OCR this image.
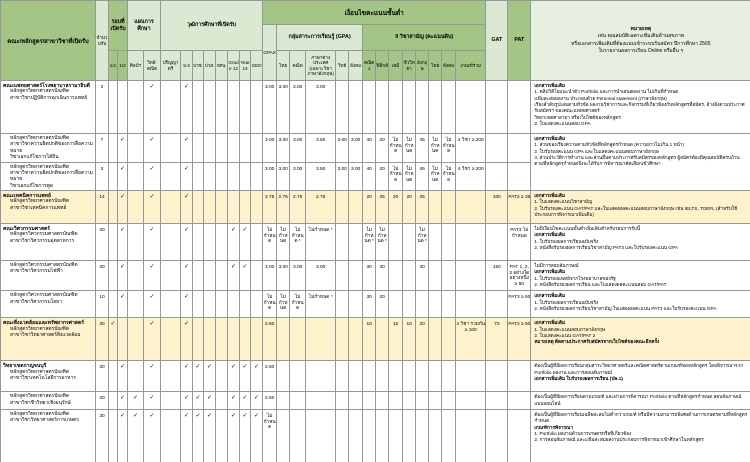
คณะ/หลักสูตร/สาขาวิชาที่เปิดรับ	จำนวนรับ	รอบที่เปิดรับ		แผนการศึกษา		วุฒิการศึกษาที่เปิดรับ								เงื่อนไขคะแนนขั้นต่ำ														GAT	PAT	หมายเหตุ
เช่น คุณสมบัติเฉพาะเพิ่มเติมด้านสุขภาพ
หรือเอกสารเพิ่มเติมที่ต้องแนบเข้าระบบรับสมัคร ปีการศึกษา 2565
ใบรายงานผลการเรียน Online หรืออื่น ๆ

														GPAX	กลุ่มสาระการเรียนรู้ (GPA)					9 วิชาสามัญ (คะแนนดิบ)										
		1/1	1/2	ศิลป์ฯ	วิทย์-คณิต	ปริญญาตรี	ม.6	ปวช.	ปวส.	กศน.	Grade 12	Year 13	GED		ไทย	คณิต	ภาษาต่างประเทศ (เฉพาะวิชาภาษาอังกฤษ)	วิทย์	สังคม	คณิต 1	ฟิสิกส์	เคมี	ชีววิทยา	อังกฤษ	ไทย	สังคม	เกณฑ์รวม			

คณะแพทยศาสตร์โรงพยาบาลรามาธิบดี
หลักสูตรวิทยาศาสตรบัณฑิต
สาขาวิชาปฏิบัติการฉุกเฉินการแพทย์
	2				✓		✓							3.00	3.00	3.00	3.00													เอกสารเพิ่มเติม
1. คลิปวิดีโอแนะนำตัว Portfolio และการนำเสนอผลงาน ไม่เกินที่กำหนด
แฟ้มสะสมผลงาน ประกอบด้วย Personal statement (ภาษาอังกฤษ)
เรียงลำดับรูปเล่มตามหัวข้อ ผลงานวิชาการและกิจกรรมที่เกี่ยวข้องกับหลักสูตรที่สมัคร, อ้างอิงตามประกาศรับสมัครฯ ของคณะแพทยศาสตร์
วิทยาเขตศาลายา หรือเว็บไซต์ของหลักสูตร
2. ใบแสดงคะแนนสอบ GPA

หลักสูตรวิทยาศาสตรบัณฑิต
สาขาวิชาความผิดปกติของการสื่อความหมาย
วิชาเอกแก้ไขการได้ยิน
	7		✓		✓		✓							3.00	3.00	3.00	3.50	3.00	3.00	40	20	ไม่กำหนด	ไม่กำหนด	45	ไม่กำหนด	ไม่กำหนด	4 วิชา ≥ 200			เอกสารเพิ่มเติม
1. ส่วนของเรียงความตามหัวข้อที่หลักสูตรกำหนด (ความยาวไม่เกิน 1 หน้า)
2. ใบรับรองคะแนน GPA และใบแสดงคะแนนสอบภาษาอังกฤษ
3. ส่วนประวัติการทำงาน และส่วนอื่นตามประกาศรับสมัครของหลักสูตร ผู้สมัครต้องมีคุณสมบัติครบถ้วนตามที่หลักสูตรกำหนดจึงจะได้รับการพิจารณาคัดเลือกเข้าศึกษา

หลักสูตรวิทยาศาสตรบัณฑิต
สาขาวิชาความผิดปกติของการสื่อความหมาย
วิชาเอกแก้ไขการพูด	3		✓		✓		✓							3.00	3.00	3.00	3.50	3.00	3.00	40	20	ไม่กำหนด	ไม่กำหนด	45	ไม่กำหนด	ไม่กำหนด	4 วิชา ≥ 200			

คณะเทคนิคการแพทย์
หลักสูตรวิทยาศาสตรบัณฑิต
สาขาวิชาเทคนิคการแพทย์
	14		✓		✓		✓							2.75	2.75	2.75	2.75			20	25	20	20	25				100	PAT2 ≥ 35	เอกสารเพิ่มเติม
1. ใบแสดงคะแนนวิชาสามัญ
2. ใบรับรองคะแนน GAT/PAT และใบแสดงผลคะแนนสอบภาษาอังกฤษ เช่น IELTS, TOEFL (สำหรับใช้ประกอบการพิจารณาเพิ่มเติม)

คณะวิศวกรรมศาสตร์
หลักสูตรวิศวกรรมศาสตรบัณฑิต
สาขาวิชาวิศวกรรมอุตสาหการ
	30		✓		✓		✓				✓	✓		ไม่กำหนด	ไม่กำหนด	ไม่กำหนด *	ไม่กำหนด *			ไม่กำหนด *	ไม่กำหนด *			ไม่กำหนด *					PAT3 ไม่กำหนด	
ไม่มีเงื่อนไขคะแนนขั้นต่ำเพิ่มเติมสำหรับรอบการรับนี้
เอกสารเพิ่มเติม
1. ใบรับรองผลการเรียนฉบับจริง
2. หนังสือรับรองผลการเรียนวิชาสามัญ PAT3 และใบรับรองคะแนน GPA

หลักสูตรวิศวกรรมศาสตรบัณฑิต
สาขาวิชาวิศวกรรมไฟฟ้า
	30		✓		✓		✓				✓	✓		3.00	3.00	3.00	3.00			30	30			30				150	PAT 1, 2, 3 อย่างใดอย่างหนึ่ง ≥ 90	
ไม่มีการสอบสัมภาษณ์
เอกสารเพิ่มเติม
1. ใบรับรองแพทย์จากโรงพยาบาลของรัฐ
2. หนังสือรับรองผลการเรียน และใบแสดงผลคะแนนสอบ GAT/PAT

หลักสูตรวิศวกรรมศาสตรบัณฑิต
สาขาวิชาวิศวกรรมโยธา
	10		✓		✓		✓							ไม่กำหนด	ไม่กำหนด	ไม่กำหนด	ไม่กำหนด *			30	20								PAT3 ≥ 60	เอกสารเพิ่มเติม
1. ใบรับรองผลการเรียนฉบับจริง
2. หนังสือรับรองผลการเรียนวิชาสามัญ ใบแสดงผลคะแนน PAT3 และใบรับรองคะแนน GPA

คณะสิ่งแวดล้อมและทรัพยากรศาสตร์
หลักสูตรวิทยาศาสตรบัณฑิต
สาขาวิชาวิทยาศาสตร์สิ่งแวดล้อม
	30	✓			✓		✓							2.50						10		10	10	20			4 วิชา รวมกัน ≥ 100	70	PAT2 ≥ 50	เอกสารเพิ่มเติม
1. ใบแสดงคะแนนสอบภาษาอังกฤษ
2. ใบแสดงคะแนน GAT/PAT 2
หมายเหตุ ติดตามประกาศรับสมัครจากเว็บไซต์ของคณะอีกครั้ง

วิทยาเขตกาญจนบุรี
หลักสูตรวิทยาศาสตรบัณฑิต
สาขาวิชาเทคโนโลยีการอาหาร
	30		✓		✓		✓	✓	✓		✓	✓	✓	2.50																ต้องเป็นผู้ที่มีผลการเรียนกลุ่มสาระวิทยาศาสตร์และคณิตศาสตร์ตามเกณฑ์ของหลักสูตร โดยพิจารณาจาก Portfolio ผลงาน และการสอบสัมภาษณ์
เอกสารเพิ่มเติม ใบรับรองผลการเรียน (ปพ.1)

หลักสูตรวิทยาศาสตรบัณฑิต
สาขาวิชาชีววิทยาเชิงอนุรักษ์	20		✓	✓	✓		✓	✓	✓		✓	✓	✓	2.50																ต้องเป็นผู้ที่มีผลการเรียนตามเกณฑ์ และผ่านการพิจารณา Portfolio ตามที่หลักสูตรกำหนด สอบสัมภาษณ์แบบออนไลน์

หลักสูตรวิทยาศาสตรบัณฑิต
สาขาวิชาวิทยาศาสตร์การเกษตร
	30		✓	✓	✓		✓	✓	✓		✓	✓	✓	ไม่กำหนด																
ต้องเป็นผู้ที่มีผลการเรียนเฉลี่ยสะสมไม่ต่ำกว่าเกณฑ์ หรือมีความสามารถพิเศษด้านการเกษตรตามที่หลักสูตรกำหนด
เกณฑ์การพิจารณา
1. Portfolio ผลงานด้านการเกษตรหรือที่เกี่ยวข้อง
2. การสอบสัมภาษณ์ และแฟ้มสะสมผลงานประกอบการพิจารณาเข้าศึกษาในหลักสูตร
